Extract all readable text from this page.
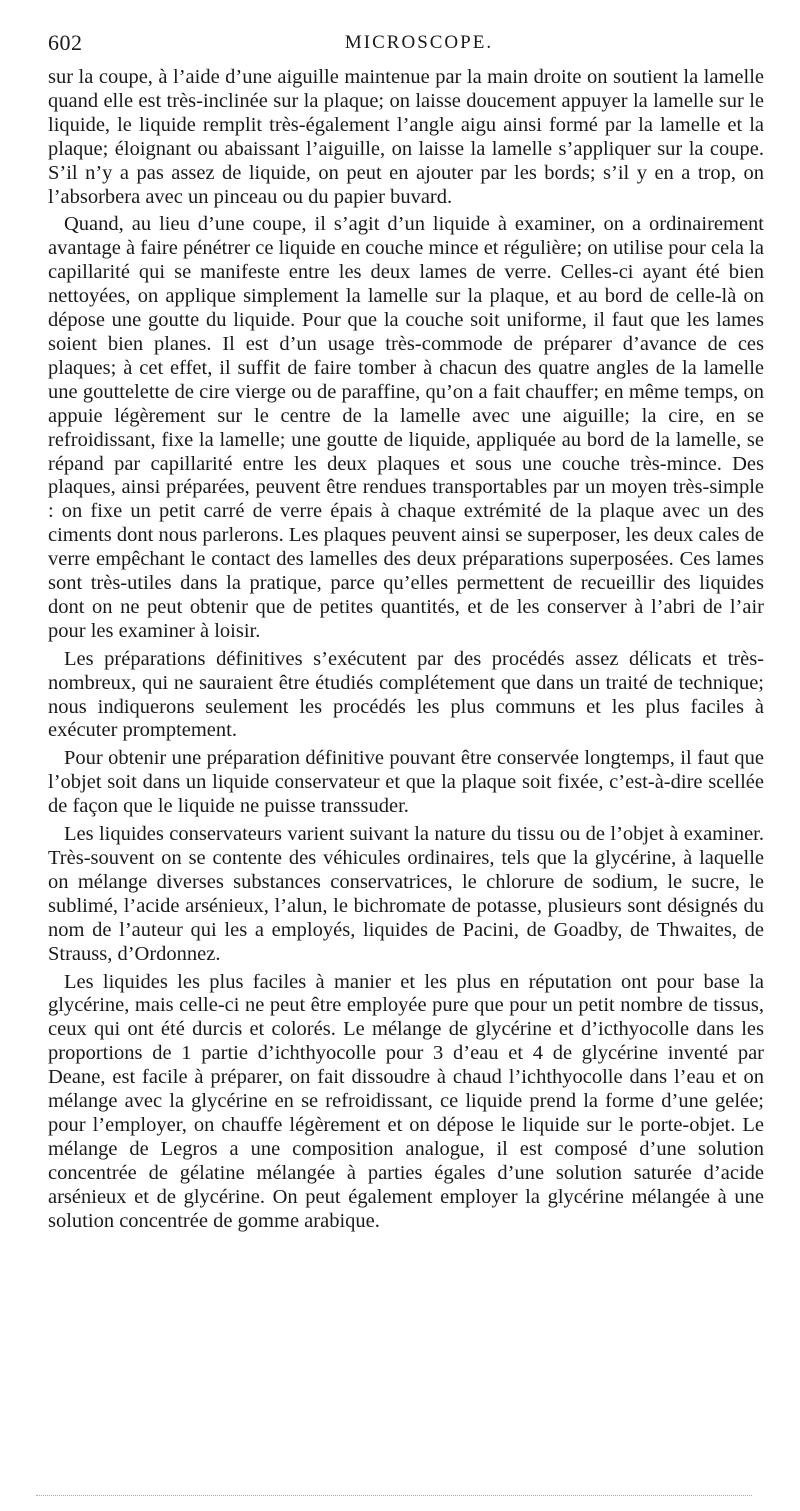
602	MICROSCOPE.

sur la coupe, à l’aide d’une aiguille maintenue par la main droite on soutient la lamelle quand elle est très-inclinée sur la plaque; on laisse doucement appuyer la lamelle sur le liquide, le liquide remplit très-également l’angle aigu ainsi formé par la lamelle et la plaque; éloignant ou abaissant l’aiguille, on laisse la lamelle s’appliquer sur la coupe. S’il n’y a pas assez de liquide, on peut en ajouter par les bords; s’il y en a trop, on l’absorbera avec un pinceau ou du papier buvard.

Quand, au lieu d’une coupe, il s’agit d’un liquide à examiner, on a ordinairement avantage à faire pénétrer ce liquide en couche mince et régulière; on utilise pour cela la capillarité qui se manifeste entre les deux lames de verre. Celles-ci ayant été bien nettoyées, on applique simplement la lamelle sur la plaque, et au bord de celle-là on dépose une goutte du liquide. Pour que la couche soit uniforme, il faut que les lames soient bien planes. Il est d’un usage très-commode de préparer d’avance de ces plaques; à cet effet, il suffit de faire tomber à chacun des quatre angles de la lamelle une gouttelette de cire vierge ou de paraffine, qu’on a fait chauffer; en même temps, on appuie légèrement sur le centre de la lamelle avec une aiguille; la cire, en se refroidissant, fixe la lamelle; une goutte de liquide, appliquée au bord de la lamelle, se répand par capillarité entre les deux plaques et sous une couche très-mince. Des plaques, ainsi préparées, peuvent être rendues transportables par un moyen très-simple : on fixe un petit carré de verre épais à chaque extrémité de la plaque avec un des ciments dont nous parlerons. Les plaques peuvent ainsi se superposer, les deux cales de verre empêchant le contact des lamelles des deux préparations superposées. Ces lames sont très-utiles dans la pratique, parce qu’elles permettent de recueillir des liquides dont on ne peut obtenir que de petites quantités, et de les conserver à l’abri de l’air pour les examiner à loisir.

Les préparations définitives s’exécutent par des procédés assez délicats et très-nombreux, qui ne sauraient être étudiés complétement que dans un traité de technique; nous indiquerons seulement les procédés les plus communs et les plus faciles à exécuter promptement.

Pour obtenir une préparation définitive pouvant être conservée longtemps, il faut que l’objet soit dans un liquide conservateur et que la plaque soit fixée, c’est-à-dire scellée de façon que le liquide ne puisse transsuder.

Les liquides conservateurs varient suivant la nature du tissu ou de l’objet à examiner. Très-souvent on se contente des véhicules ordinaires, tels que la glycérine, à laquelle on mélange diverses substances conservatrices, le chlorure de sodium, le sucre, le sublimé, l’acide arsénieux, l’alun, le bichromate de potasse, plusieurs sont désignés du nom de l’auteur qui les a employés, liquides de Pacini, de Goadby, de Thwaites, de Strauss, d’Ordonnez.

Les liquides les plus faciles à manier et les plus en réputation ont pour base la glycérine, mais celle-ci ne peut être employée pure que pour un petit nombre de tissus, ceux qui ont été durcis et colorés. Le mélange de glycérine et d’icthyocolle dans les proportions de 1 partie d’ichthyocolle pour 3 d’eau et 4 de glycérine inventé par Deane, est facile à préparer, on fait dissoudre à chaud l’ichthyocolle dans l’eau et on mélange avec la glycérine en se refroidissant, ce liquide prend la forme d’une gelée; pour l’employer, on chauffe légèrement et on dépose le liquide sur le porte-objet. Le mélange de Legros a une composition analogue, il est composé d’une solution concentrée de gélatine mélangée à parties égales d’une solution saturée d’acide arsénieux et de glycérine. On peut également employer la glycérine mélangée à une solution concentrée de gomme arabique.
